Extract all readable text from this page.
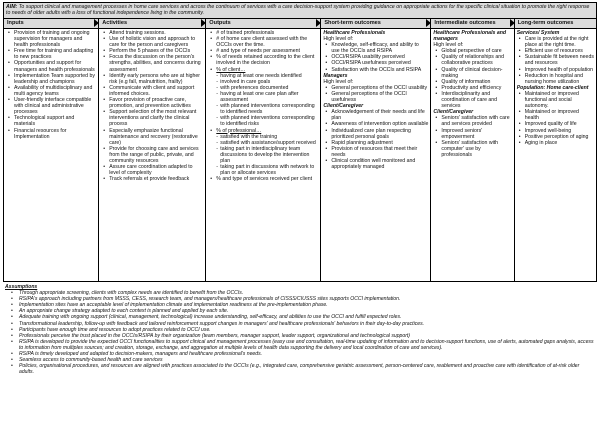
AIM: To support clinical and management processes in home care services and across the continuum of services with a care decision-support system providing guidance on appropriate actions for the specific clinical situation to promote the right response to needs of older adults with a loss of functional independence living in the community.
Inputs
• Provision of training and ongoing supervision for managers and health professionals
• Free time for training and adapting to new practices
• Opportunities and support for managers and health professionals
• Implementation Team supported by leadership and champions
• Availability of multidisciplinary and multi agency teams
• User-friendly interface compatible with clinical and administrative processes
• Technological support and materials
• Financial resources for Implementation
Activities
• Attend training sessions.
• Use of holistic vision and approach to care for the person and caregivers
• Perform the 5 phases of the OCCIs
• Focus the discussion on the person's strengths, abilities, and concerns during assessment
• Identify early persons who are at higher risk (e.g fall, malnutrition, frailty)
• Communicate with client and support informed choices.
• Favor provision of proactive care, promotion, and prevention activities
• Support selection of the most relevant interventions and clarify the clinical process
• Especially emphasize functional maintenance and recovery (restorative care)
• Provide for choosing care and services from the range of public, private, and community resources
• Assure care coordination adapted to level of complexity
• Track referrals et provide feedback
Outputs
• # of trained professionals
• # of home care client assessed with the OCCIs over the time.
• # and type of needs per assessment
• % of needs retained according to the client involved in the decision
• % of client…
- having at least one needs identified
- involved in care goals
- with preferences documented
- having at least one care plan after assessment
- with planned interventions corresponding to identified needs
- with planned interventions corresponding to identified risks
• % of professional…
- satisfied with the training
- satisfied with assistance/support received
- taking part in interdisciplinary team discussions to develop the intervention plan
- taking part in discussions with network to plan or allocate services
• % and type of services received per client
Short-term outcomes
Healthcare Professionals
High level of:
• Knowledge, self-efficacy, and ability to use the OCCIs and RSIPA
• OCCI/RSIPA usability perceived
• OCCI/RSIPA usefulness perceived
• Satisfaction with the OCCIs and RSIPA
Managers
High level of:
• General perceptions of the OCCI usability
• General perceptions of the OCCI usefulness
Client/Caregiver
• Acknowledgement of their needs and life plan
• Awareness of intervention option available
• Individualized care plan respecting prioritized personal goals
• Rapid planning adjustment
• Provision of resources that meet their needs
• Clinical condition well monitored and appropriately managed
Intermediate outcomes
Healthcare Professionals and managers
High level of:
• Global perspective of care
• Quality of relationships and collaborative practices
• Quality of clinical decision-making
• Quality of information
• Productivity and efficiency
• Interdisciplinarity and coordination of care and services
Client/Caregiver
• Seniors' satisfaction with care and services provided
• Improved seniors' empowerment
• Seniors' satisfaction with computer' use by professionals
Long-term outcomes
Services/ System
• Care is provided at the right place at the right time.
• Efficient use of resources
• Sustainable fit between needs and resources
• Improved health of population
• Reduction in hospital and nursing home utilization
Population: Home care-client
• Maintained or improved functional and social autonomy.
• Maintained or improved health
• Improved quality of life
• Improved well-being
• Positive perception of aging
• Aging in place
Assumptions
• Through appropriate screening, clients with complex needs are identified to benefit from the OCCIs.
• RSIPA's approach including partners from MSSS, CESS, research team, and managers/healthcare professionals of CISSS/CIUSSS sites supports OCCI implementation.
• Implementation sites have an acceptable level of implementation climate and implementation readiness at the pre-implementation phase.
• An appropriate change strategy adapted to each context is planned and applied by each site.
• Adequate training with ongoing support (clinical, management, technological) increase understanding, self-efficacy, and abilities to use the OCCI and fulfill expected roles.
• Transformational leadership, follow-up with feedback and tailored reinforcement support changes in managers' and healthcare professionals' behaviors in their day-to-day practices.
• Participants have enough time and resources to adopt practices related to OCCI use.
• Professionals perceive the trust placed in the OCCIs/RSIPA by their organization (team members, manager support, leader support, organizational and technological support)
• RSIPA is developed to provide the expected OCCI functionalities to support clinical and management processes (easy use and consultation, real-time updating of information and to decision-support functions, use of alerts, automated gaps analysis, access to information from multiples sources; and creation, storage, exchange, and aggregation at multiple levels of health data supporting the delivery and local coordination of care and services).
• RSIPA is timely developed and adapted to decision-makers, managers and healthcare professional's needs.
• Seamless access to community-based health and care services
• Policies, organisational procedures, and resources are aligned with practices associated to the OCCIs (e.g., integrated care, comprehensive geriatric assessment, person-centered care, reablement and proactive care with identification of at-risk older adults.
